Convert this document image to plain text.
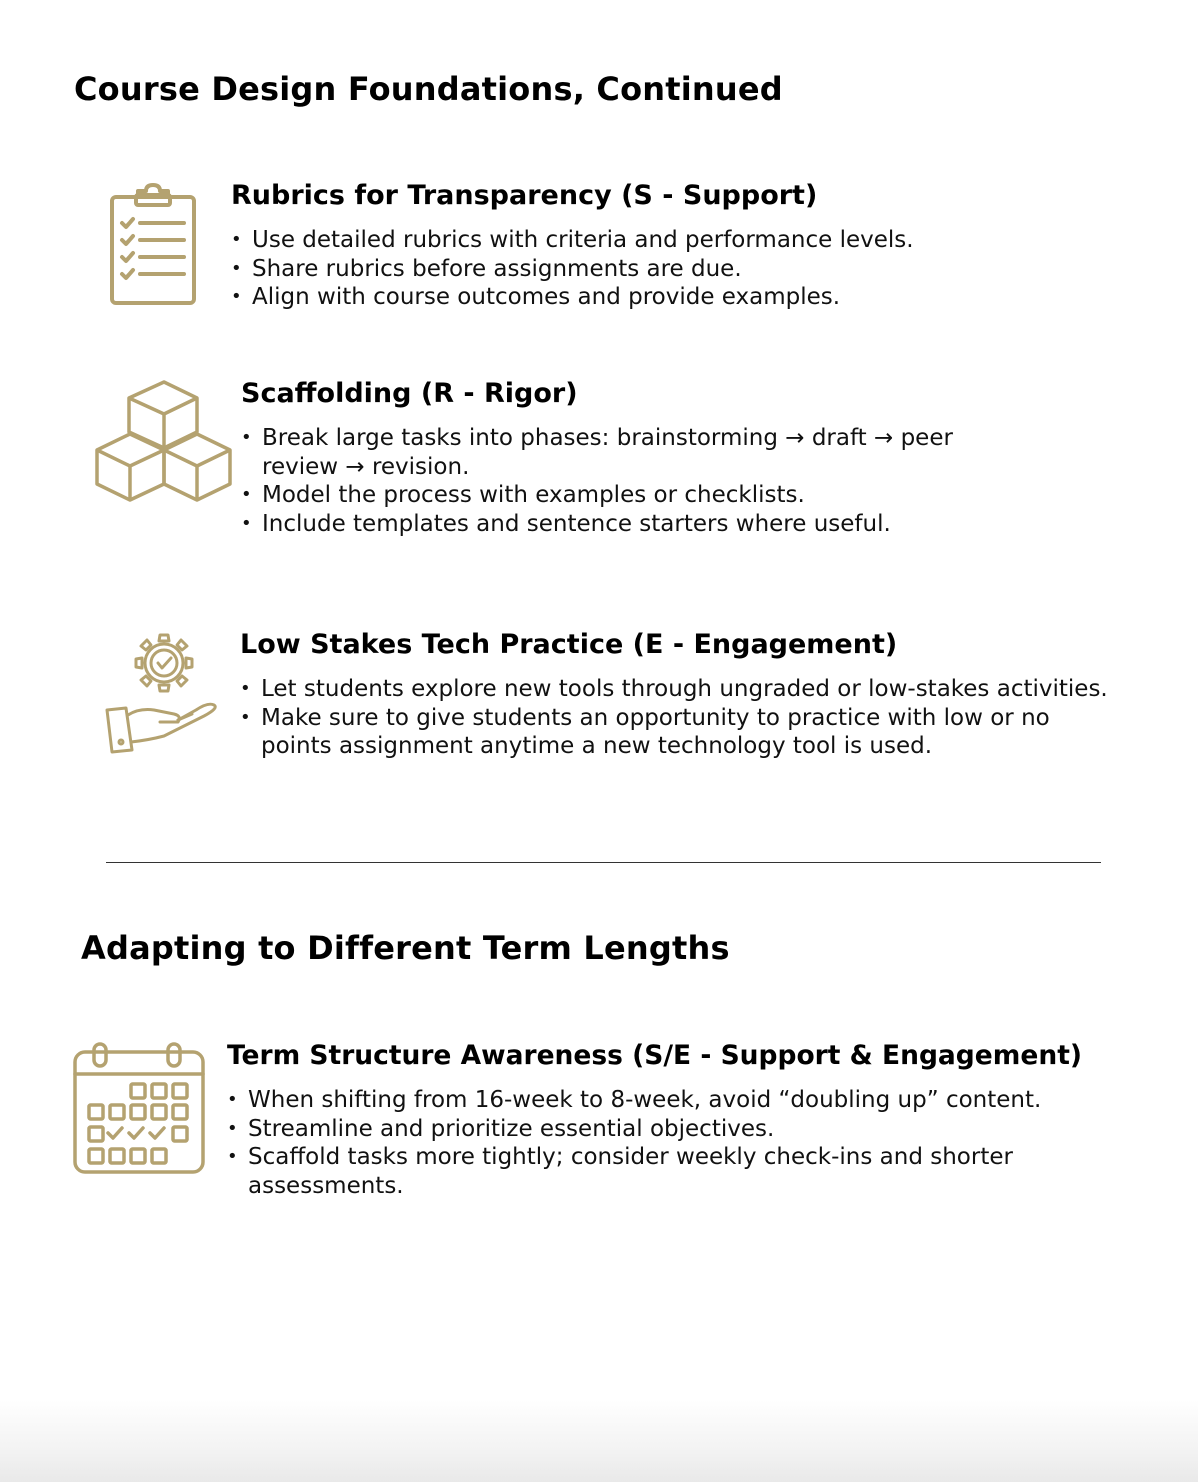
Course Design Foundations, Continued
Rubrics for Transparency (S - Support)
• Use detailed rubrics with criteria and performance levels.
• Share rubrics before assignments are due.
• Align with course outcomes and provide examples.
Scaffolding (R - Rigor)
• Break large tasks into phases: brainstorming → draft → peer review → revision.
• Model the process with examples or checklists.
• Include templates and sentence starters where useful.
Low Stakes Tech Practice (E - Engagement)
• Let students explore new tools through ungraded or low-stakes activities.
• Make sure to give students an opportunity to practice with low or no points assignment anytime a new technology tool is used.
Adapting to Different Term Lengths
Term Structure Awareness (S/E - Support & Engagement)
• When shifting from 16-week to 8-week, avoid “doubling up” content.
• Streamline and prioritize essential objectives.
• Scaffold tasks more tightly; consider weekly check-ins and shorter assessments.
